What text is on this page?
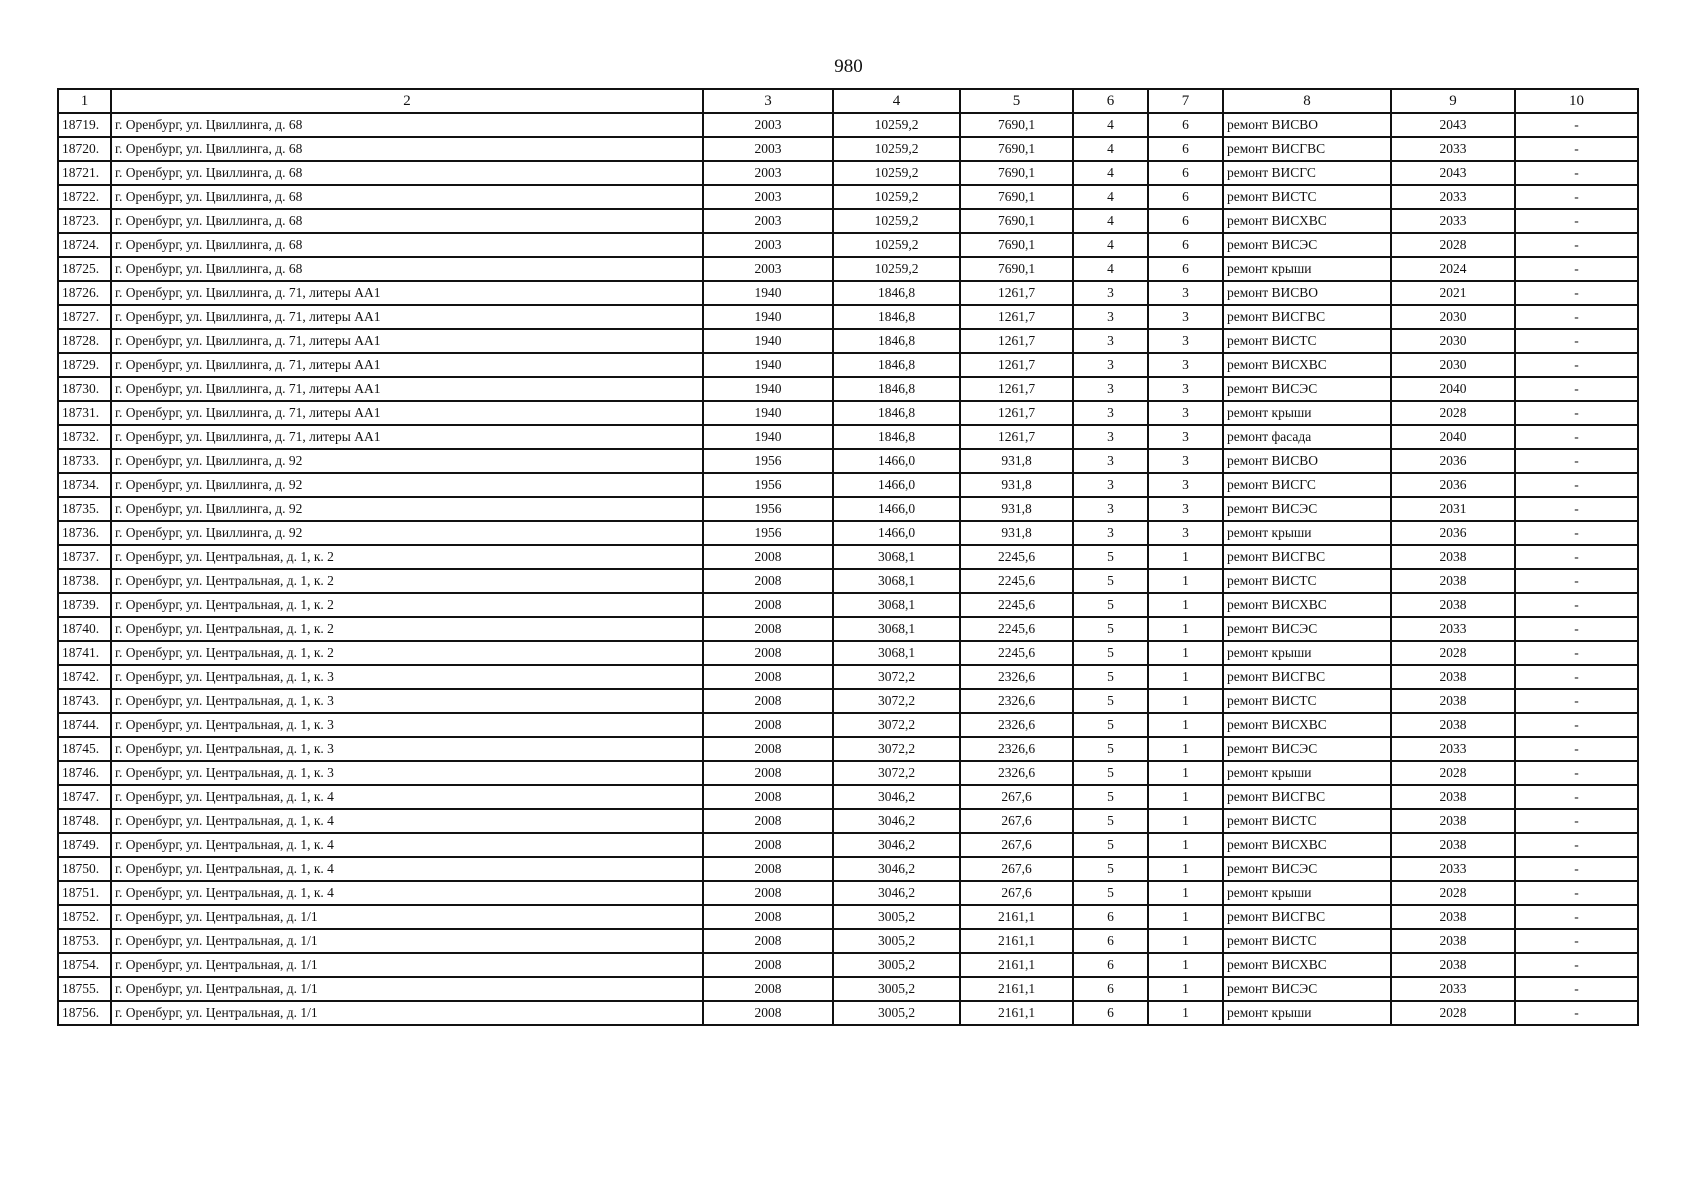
980
1	2	3	4	5	6	7	8	9	10
18719.	г. Оренбург, ул. Цвиллинга, д. 68	2003	10259,2	7690,1	4	6	ремонт ВИСВО	2043	-
18720.	г. Оренбург, ул. Цвиллинга, д. 68	2003	10259,2	7690,1	4	6	ремонт ВИСГВС	2033	-
18721.	г. Оренбург, ул. Цвиллинга, д. 68	2003	10259,2	7690,1	4	6	ремонт ВИСГС	2043	-
18722.	г. Оренбург, ул. Цвиллинга, д. 68	2003	10259,2	7690,1	4	6	ремонт ВИСТС	2033	-
18723.	г. Оренбург, ул. Цвиллинга, д. 68	2003	10259,2	7690,1	4	6	ремонт ВИСХВС	2033	-
18724.	г. Оренбург, ул. Цвиллинга, д. 68	2003	10259,2	7690,1	4	6	ремонт ВИСЭС	2028	-
18725.	г. Оренбург, ул. Цвиллинга, д. 68	2003	10259,2	7690,1	4	6	ремонт крыши	2024	-
18726.	г. Оренбург, ул. Цвиллинга, д. 71, литеры АА1	1940	1846,8	1261,7	3	3	ремонт ВИСВО	2021	-
18727.	г. Оренбург, ул. Цвиллинга, д. 71, литеры АА1	1940	1846,8	1261,7	3	3	ремонт ВИСГВС	2030	-
18728.	г. Оренбург, ул. Цвиллинга, д. 71, литеры АА1	1940	1846,8	1261,7	3	3	ремонт ВИСТС	2030	-
18729.	г. Оренбург, ул. Цвиллинга, д. 71, литеры АА1	1940	1846,8	1261,7	3	3	ремонт ВИСХВС	2030	-
18730.	г. Оренбург, ул. Цвиллинга, д. 71, литеры АА1	1940	1846,8	1261,7	3	3	ремонт ВИСЭС	2040	-
18731.	г. Оренбург, ул. Цвиллинга, д. 71, литеры АА1	1940	1846,8	1261,7	3	3	ремонт крыши	2028	-
18732.	г. Оренбург, ул. Цвиллинга, д. 71, литеры АА1	1940	1846,8	1261,7	3	3	ремонт фасада	2040	-
18733.	г. Оренбург, ул. Цвиллинга, д. 92	1956	1466,0	931,8	3	3	ремонт ВИСВО	2036	-
18734.	г. Оренбург, ул. Цвиллинга, д. 92	1956	1466,0	931,8	3	3	ремонт ВИСГС	2036	-
18735.	г. Оренбург, ул. Цвиллинга, д. 92	1956	1466,0	931,8	3	3	ремонт ВИСЭС	2031	-
18736.	г. Оренбург, ул. Цвиллинга, д. 92	1956	1466,0	931,8	3	3	ремонт крыши	2036	-
18737.	г. Оренбург, ул. Центральная, д. 1, к. 2	2008	3068,1	2245,6	5	1	ремонт ВИСГВС	2038	-
18738.	г. Оренбург, ул. Центральная, д. 1, к. 2	2008	3068,1	2245,6	5	1	ремонт ВИСТС	2038	-
18739.	г. Оренбург, ул. Центральная, д. 1, к. 2	2008	3068,1	2245,6	5	1	ремонт ВИСХВС	2038	-
18740.	г. Оренбург, ул. Центральная, д. 1, к. 2	2008	3068,1	2245,6	5	1	ремонт ВИСЭС	2033	-
18741.	г. Оренбург, ул. Центральная, д. 1, к. 2	2008	3068,1	2245,6	5	1	ремонт крыши	2028	-
18742.	г. Оренбург, ул. Центральная, д. 1, к. 3	2008	3072,2	2326,6	5	1	ремонт ВИСГВС	2038	-
18743.	г. Оренбург, ул. Центральная, д. 1, к. 3	2008	3072,2	2326,6	5	1	ремонт ВИСТС	2038	-
18744.	г. Оренбург, ул. Центральная, д. 1, к. 3	2008	3072,2	2326,6	5	1	ремонт ВИСХВС	2038	-
18745.	г. Оренбург, ул. Центральная, д. 1, к. 3	2008	3072,2	2326,6	5	1	ремонт ВИСЭС	2033	-
18746.	г. Оренбург, ул. Центральная, д. 1, к. 3	2008	3072,2	2326,6	5	1	ремонт крыши	2028	-
18747.	г. Оренбург, ул. Центральная, д. 1, к. 4	2008	3046,2	267,6	5	1	ремонт ВИСГВС	2038	-
18748.	г. Оренбург, ул. Центральная, д. 1, к. 4	2008	3046,2	267,6	5	1	ремонт ВИСТС	2038	-
18749.	г. Оренбург, ул. Центральная, д. 1, к. 4	2008	3046,2	267,6	5	1	ремонт ВИСХВС	2038	-
18750.	г. Оренбург, ул. Центральная, д. 1, к. 4	2008	3046,2	267,6	5	1	ремонт ВИСЭС	2033	-
18751.	г. Оренбург, ул. Центральная, д. 1, к. 4	2008	3046,2	267,6	5	1	ремонт крыши	2028	-
18752.	г. Оренбург, ул. Центральная, д. 1/1	2008	3005,2	2161,1	6	1	ремонт ВИСГВС	2038	-
18753.	г. Оренбург, ул. Центральная, д. 1/1	2008	3005,2	2161,1	6	1	ремонт ВИСТС	2038	-
18754.	г. Оренбург, ул. Центральная, д. 1/1	2008	3005,2	2161,1	6	1	ремонт ВИСХВС	2038	-
18755.	г. Оренбург, ул. Центральная, д. 1/1	2008	3005,2	2161,1	6	1	ремонт ВИСЭС	2033	-
18756.	г. Оренбург, ул. Центральная, д. 1/1	2008	3005,2	2161,1	6	1	ремонт крыши	2028	-
